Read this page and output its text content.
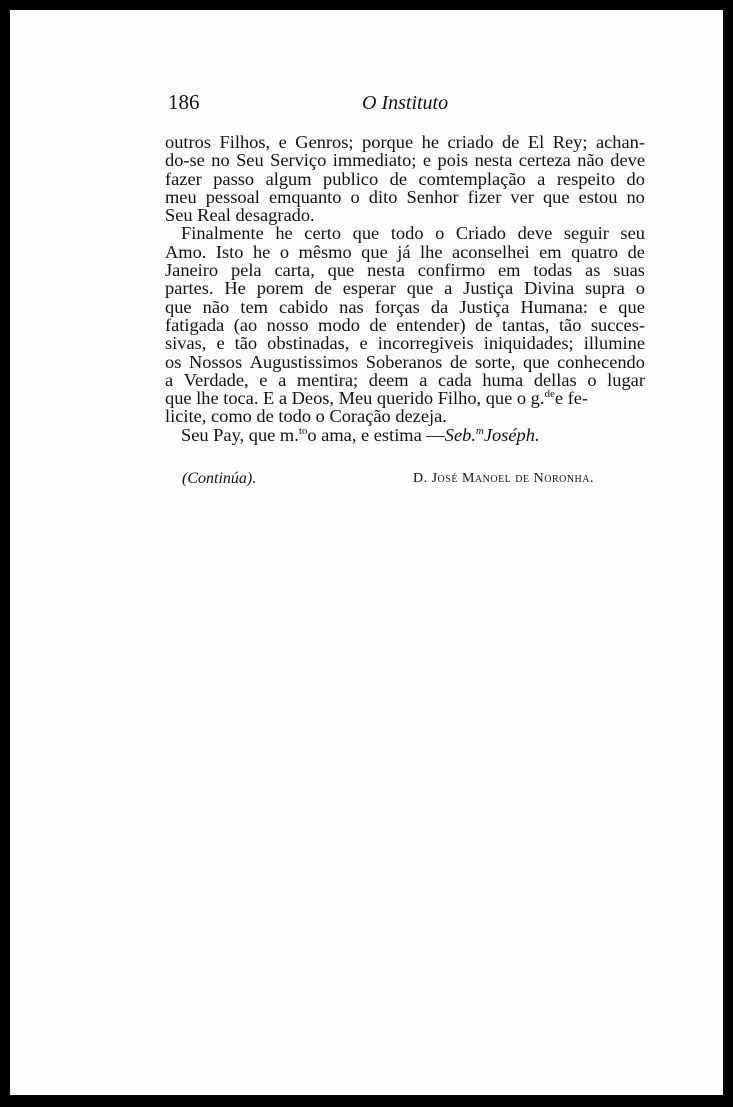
186	O Instituto
outros Filhos, e Genros; porque he criado de El Rey; achan-
do-se no Seu Serviço immediato; e pois nesta certeza não deve
fazer passo algum publico de comtemplação a respeito do
meu pessoal emquanto o dito Senhor fizer ver que estou no
Seu Real desagrado.
Finalmente he certo que todo o Criado deve seguir seu
Amo. Isto he o mêsmo que já lhe aconselhei em quatro de
Janeiro pela carta, que nesta confirmo em todas as suas
partes. He porem de esperar que a Justiça Divina supra o
que não tem cabido nas forças da Justiça Humana: e que
fatigada (ao nosso modo de entender) de tantas, tão succes-
sivas, e tão obstinadas, e incorregiveis iniquidades; illumine
os Nossos Augustissimos Soberanos de sorte, que conhecendo
a Verdade, e a mentira; deem a cada huma dellas o lugar
que lhe toca. E a Deos, Meu querido Filho, que o g.$^{de}$e fe-
licite, como de todo o Coração dezeja.
Seu Pay, que m.$^{to}$o ama, e estima —Seb.$^m$Joséph.
(Continúa).	D. José Manoel de Noronha.
